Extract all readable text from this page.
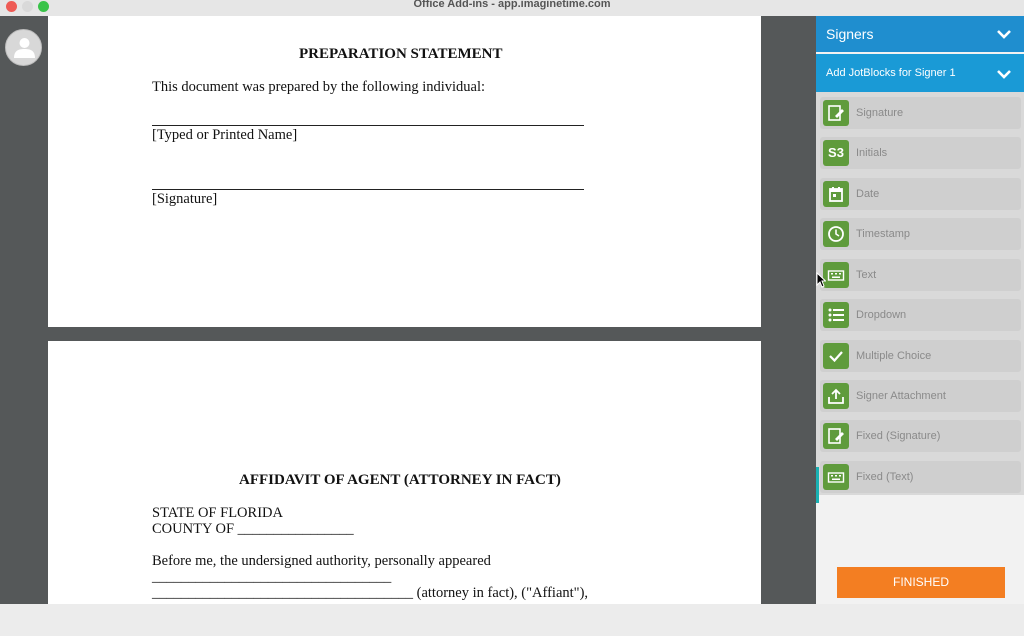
Office Add-ins - app.imaginetime.com
PREPARATION STATEMENT
This document was prepared by the following individual:
[Typed or Printed Name]
[Signature]
AFFIDAVIT OF AGENT (ATTORNEY IN FACT)
STATE OF FLORIDA
COUNTY OF ________________
Before me, the undersigned authority, personally appeared
_________________________________
____________________________________ (attorney in fact), ("Affiant"),
Signers
Add JotBlocks for Signer 1
Signature
S3	Initials
Date
Timestamp
Text
Dropdown
Multiple Choice
Signer Attachment
Fixed (Signature)
Fixed (Text)
FINISHED
